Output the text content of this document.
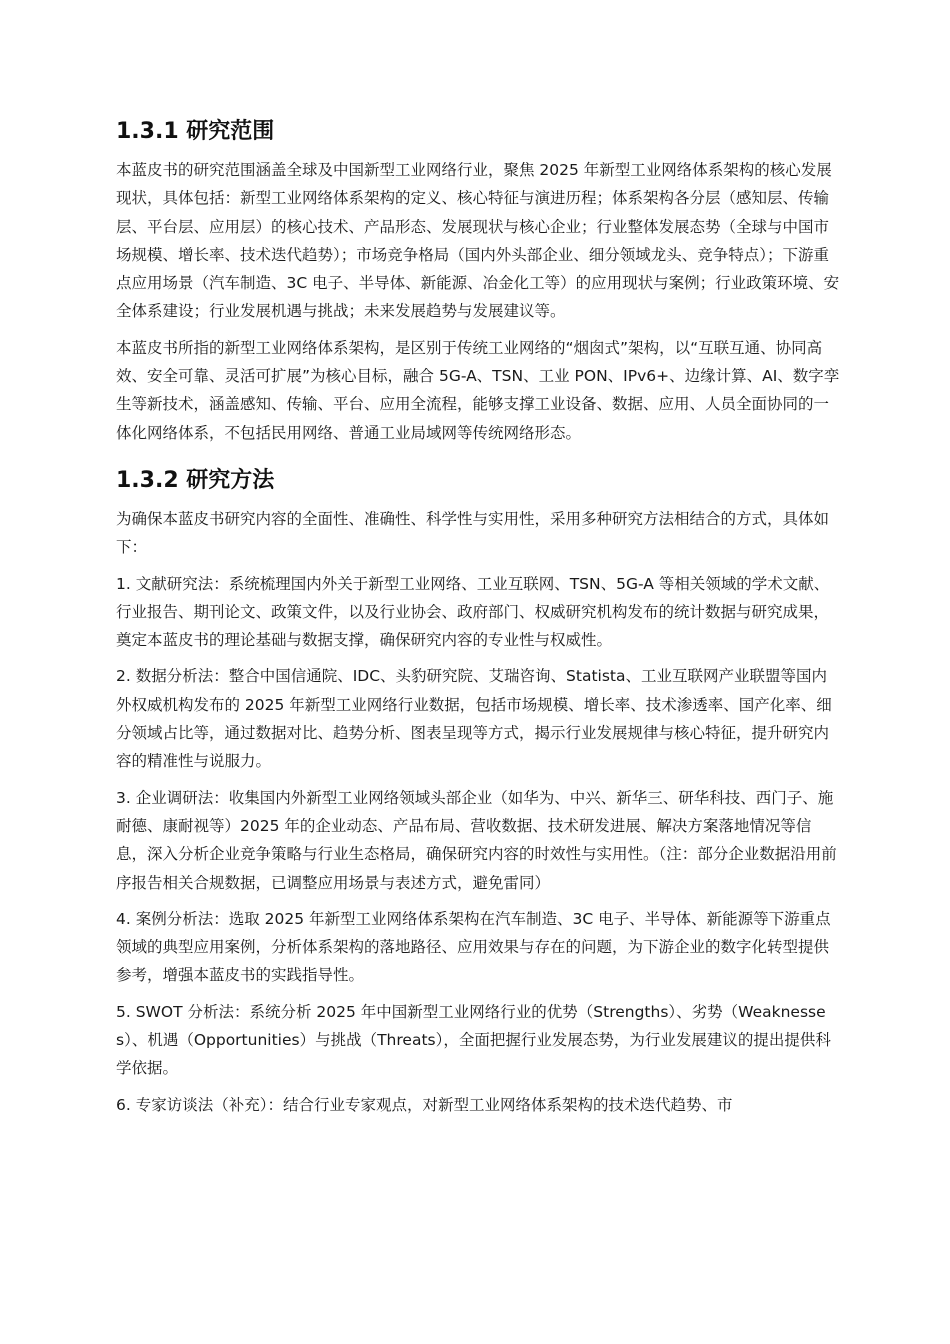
1.3.1 研究范围

本蓝皮书的研究范围涵盖全球及中国新型工业网络行业，聚焦 2025 年新型工业网络体系架构的核心发展现状，具体包括：新型工业网络体系架构的定义、核心特征与演进历程；体系架构各分层（感知层、传输层、平台层、应用层）的核心技术、产品形态、发展现状与核心企业；行业整体发展态势（全球与中国市场规模、增长率、技术迭代趋势）；市场竞争格局（国内外头部企业、细分领域龙头、竞争特点）；下游重点应用场景（汽车制造、3C 电子、半导体、新能源、冶金化工等）的应用现状与案例；行业政策环境、安全体系建设；行业发展机遇与挑战；未来发展趋势与发展建议等。

本蓝皮书所指的新型工业网络体系架构，是区别于传统工业网络的“烟囱式”架构，以“互联互通、协同高效、安全可靠、灵活可扩展”为核心目标，融合 5G-A、TSN、工业 PON、IPv6+、边缘计算、AI、数字孪生等新技术，涵盖感知、传输、平台、应用全流程，能够支撑工业设备、数据、应用、人员全面协同的一体化网络体系，不包括民用网络、普通工业局域网等传统网络形态。

1.3.2 研究方法

为确保本蓝皮书研究内容的全面性、准确性、科学性与实用性，采用多种研究方法相结合的方式，具体如下：

1. 文献研究法：系统梳理国内外关于新型工业网络、工业互联网、TSN、5G-A 等相关领域的学术文献、行业报告、期刊论文、政策文件，以及行业协会、政府部门、权威研究机构发布的统计数据与研究成果，奠定本蓝皮书的理论基础与数据支撑，确保研究内容的专业性与权威性。

2. 数据分析法：整合中国信通院、IDC、头豹研究院、艾瑞咨询、Statista、工业互联网产业联盟等国内外权威机构发布的 2025 年新型工业网络行业数据，包括市场规模、增长率、技术渗透率、国产化率、细分领域占比等，通过数据对比、趋势分析、图表呈现等方式，揭示行业发展规律与核心特征，提升研究内容的精准性与说服力。

3. 企业调研法：收集国内外新型工业网络领域头部企业（如华为、中兴、新华三、研华科技、西门子、施耐德、康耐视等）2025 年的企业动态、产品布局、营收数据、技术研发进展、解决方案落地情况等信息，深入分析企业竞争策略与行业生态格局，确保研究内容的时效性与实用性。（注：部分企业数据沿用前序报告相关合规数据，已调整应用场景与表述方式，避免雷同）

4. 案例分析法：选取 2025 年新型工业网络体系架构在汽车制造、3C 电子、半导体、新能源等下游重点领域的典型应用案例，分析体系架构的落地路径、应用效果与存在的问题，为下游企业的数字化转型提供参考，增强本蓝皮书的实践指导性。

5. SWOT 分析法：系统分析 2025 年中国新型工业网络行业的优势（Strengths）、劣势（Weaknesses）、机遇（Opportunities）与挑战（Threats），全面把握行业发展态势，为行业发展建议的提出提供科学依据。

6. 专家访谈法（补充）：结合行业专家观点，对新型工业网络体系架构的技术迭代趋势、市
